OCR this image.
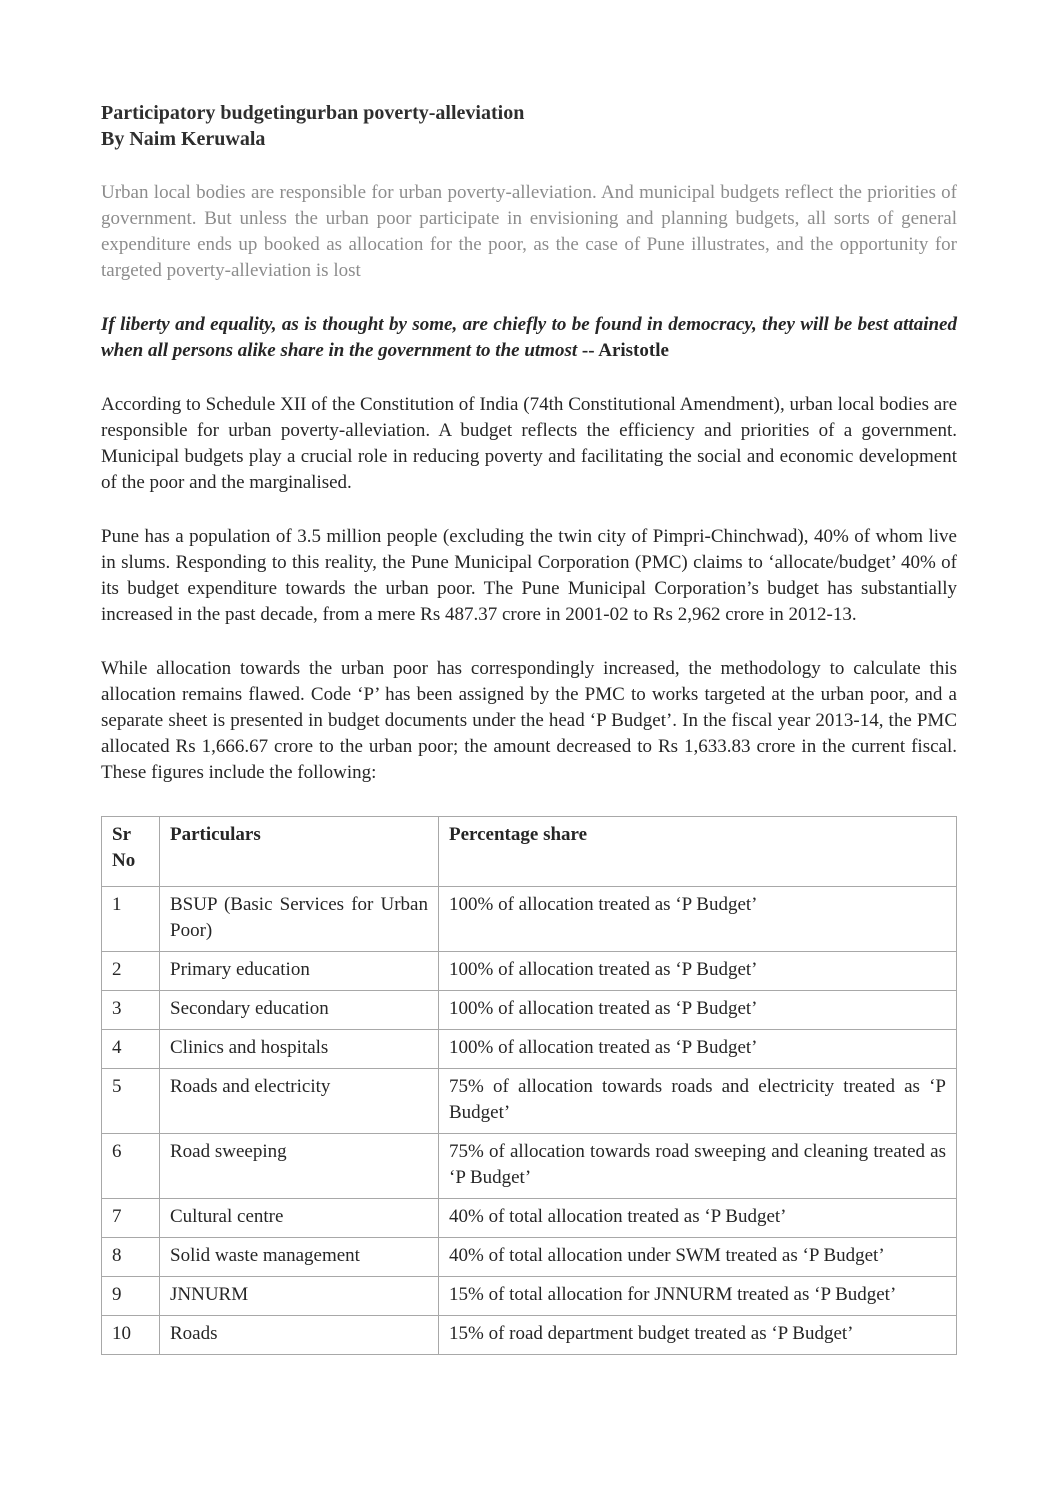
Participatory budgetingurban poverty-alleviation
By Naim Keruwala

Urban local bodies are responsible for urban poverty-alleviation. And municipal budgets reflect the priorities of government. But unless the urban poor participate in envisioning and planning budgets, all sorts of general expenditure ends up booked as allocation for the poor, as the case of Pune illustrates, and the opportunity for targeted poverty-alleviation is lost

If liberty and equality, as is thought by some, are chiefly to be found in democracy, they will be best attained when all persons alike share in the government to the utmost -- Aristotle

According to Schedule XII of the Constitution of India (74th Constitutional Amendment), urban local bodies are responsible for urban poverty-alleviation. A budget reflects the efficiency and priorities of a government. Municipal budgets play a crucial role in reducing poverty and facilitating the social and economic development of the poor and the marginalised.

Pune has a population of 3.5 million people (excluding the twin city of Pimpri-Chinchwad), 40% of whom live in slums. Responding to this reality, the Pune Municipal Corporation (PMC) claims to ‘allocate/budget’ 40% of its budget expenditure towards the urban poor. The Pune Municipal Corporation’s budget has substantially increased in the past decade, from a mere Rs 487.37 crore in 2001-02 to Rs 2,962 crore in 2012-13.

While allocation towards the urban poor has correspondingly increased, the methodology to calculate this allocation remains flawed. Code ‘P’ has been assigned by the PMC to works targeted at the urban poor, and a separate sheet is presented in budget documents under the head ‘P Budget’. In the fiscal year 2013-14, the PMC allocated Rs 1,666.67 crore to the urban poor; the amount decreased to Rs 1,633.83 crore in the current fiscal. These figures include the following:

Sr No	Particulars	Percentage share
1	BSUP (Basic Services for Urban Poor)	100% of allocation treated as ‘P Budget’
2	Primary education	100% of allocation treated as ‘P Budget’
3	Secondary education	100% of allocation treated as ‘P Budget’
4	Clinics and hospitals	100% of allocation treated as ‘P Budget’
5	Roads and electricity	75% of allocation towards roads and electricity treated as ‘P Budget’
6	Road sweeping	75% of allocation towards road sweeping and cleaning treated as ‘P Budget’
7	Cultural centre	40% of total allocation treated as ‘P Budget’
8	Solid waste management	40% of total allocation under SWM treated as ‘P Budget’
9	JNNURM	15% of total allocation for JNNURM treated as ‘P Budget’
10	Roads	15% of road department budget treated as ‘P Budget’
